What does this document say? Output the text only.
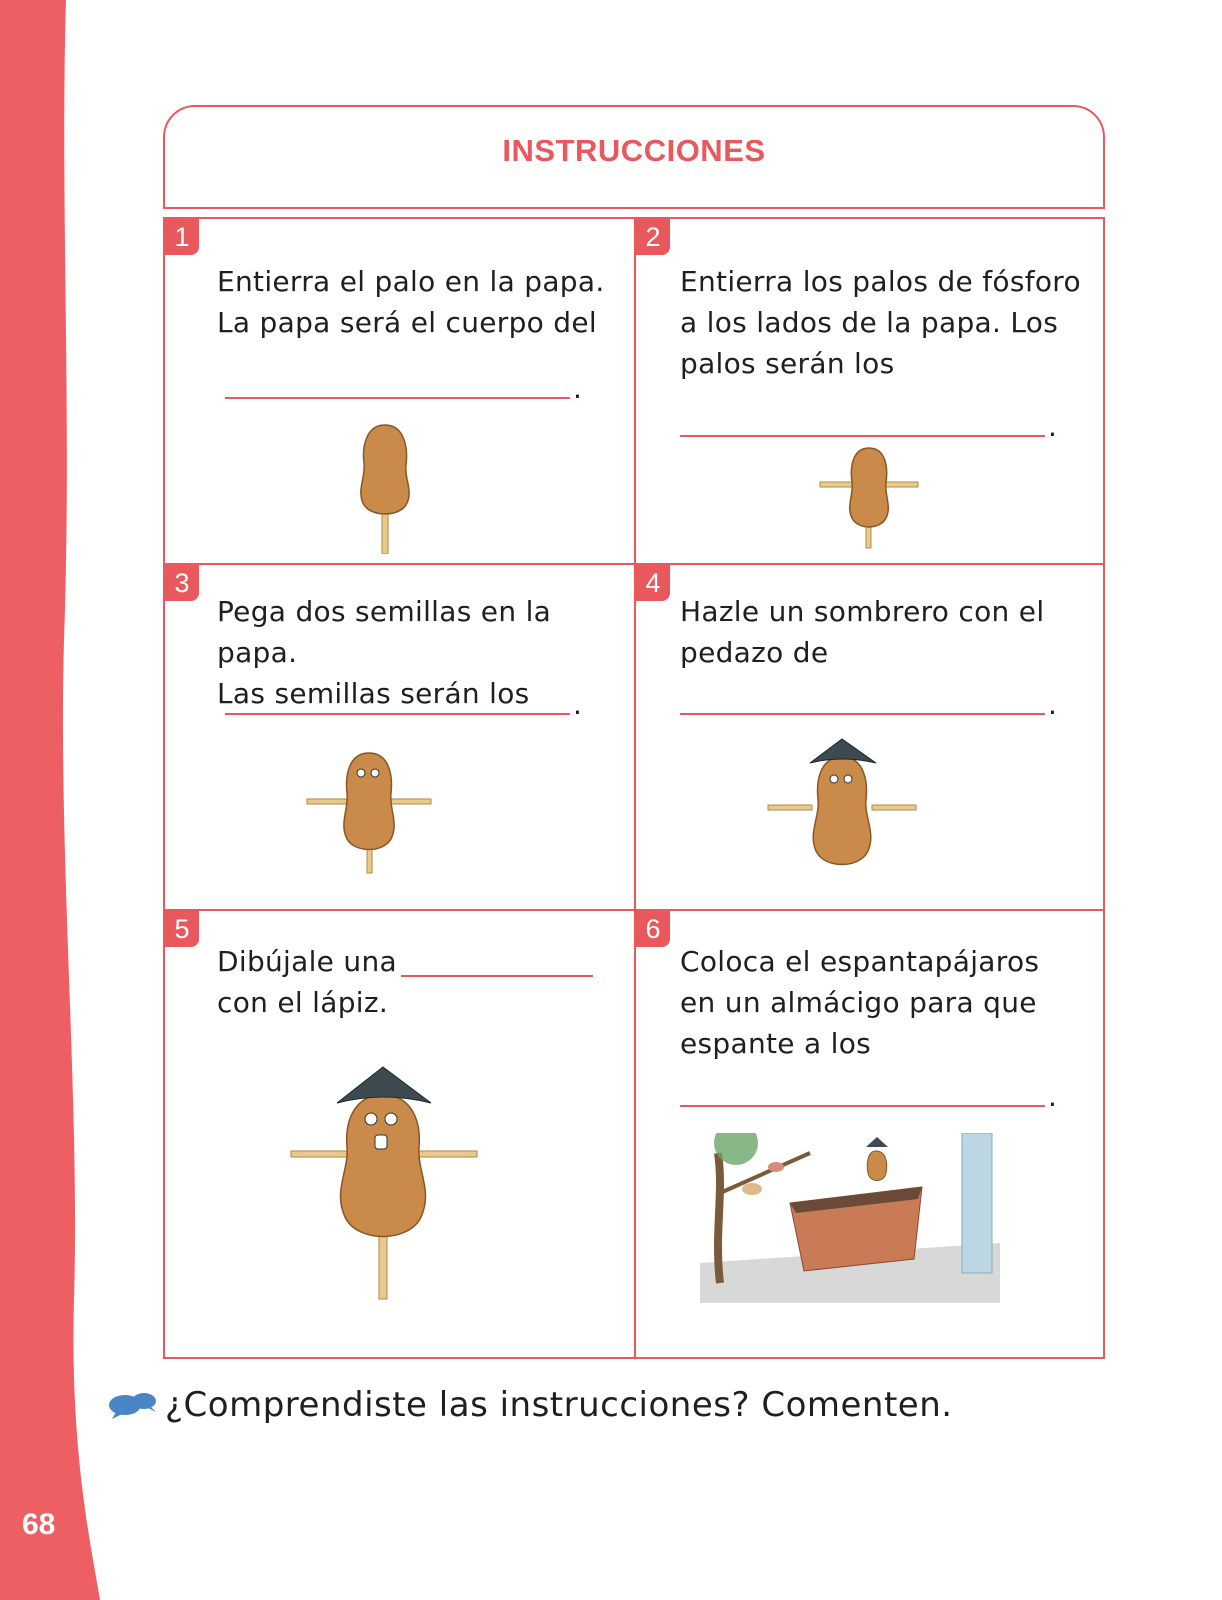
68
INSTRUCCIONES
1
Entierra el palo en la papa.
La papa será el cuerpo del
.
2
Entierra los palos de fósforo
a los lados de la papa. Los
palos serán los
.
3
Pega dos semillas en la papa.
Las semillas serán los	.
4
Hazle un sombrero con el
pedazo de
.
5
Dibújale una
con el lápiz.
6
Coloca el espantapájaros
en un almácigo para que
espante a los
.
¿Comprendiste las instrucciones? Comenten.
